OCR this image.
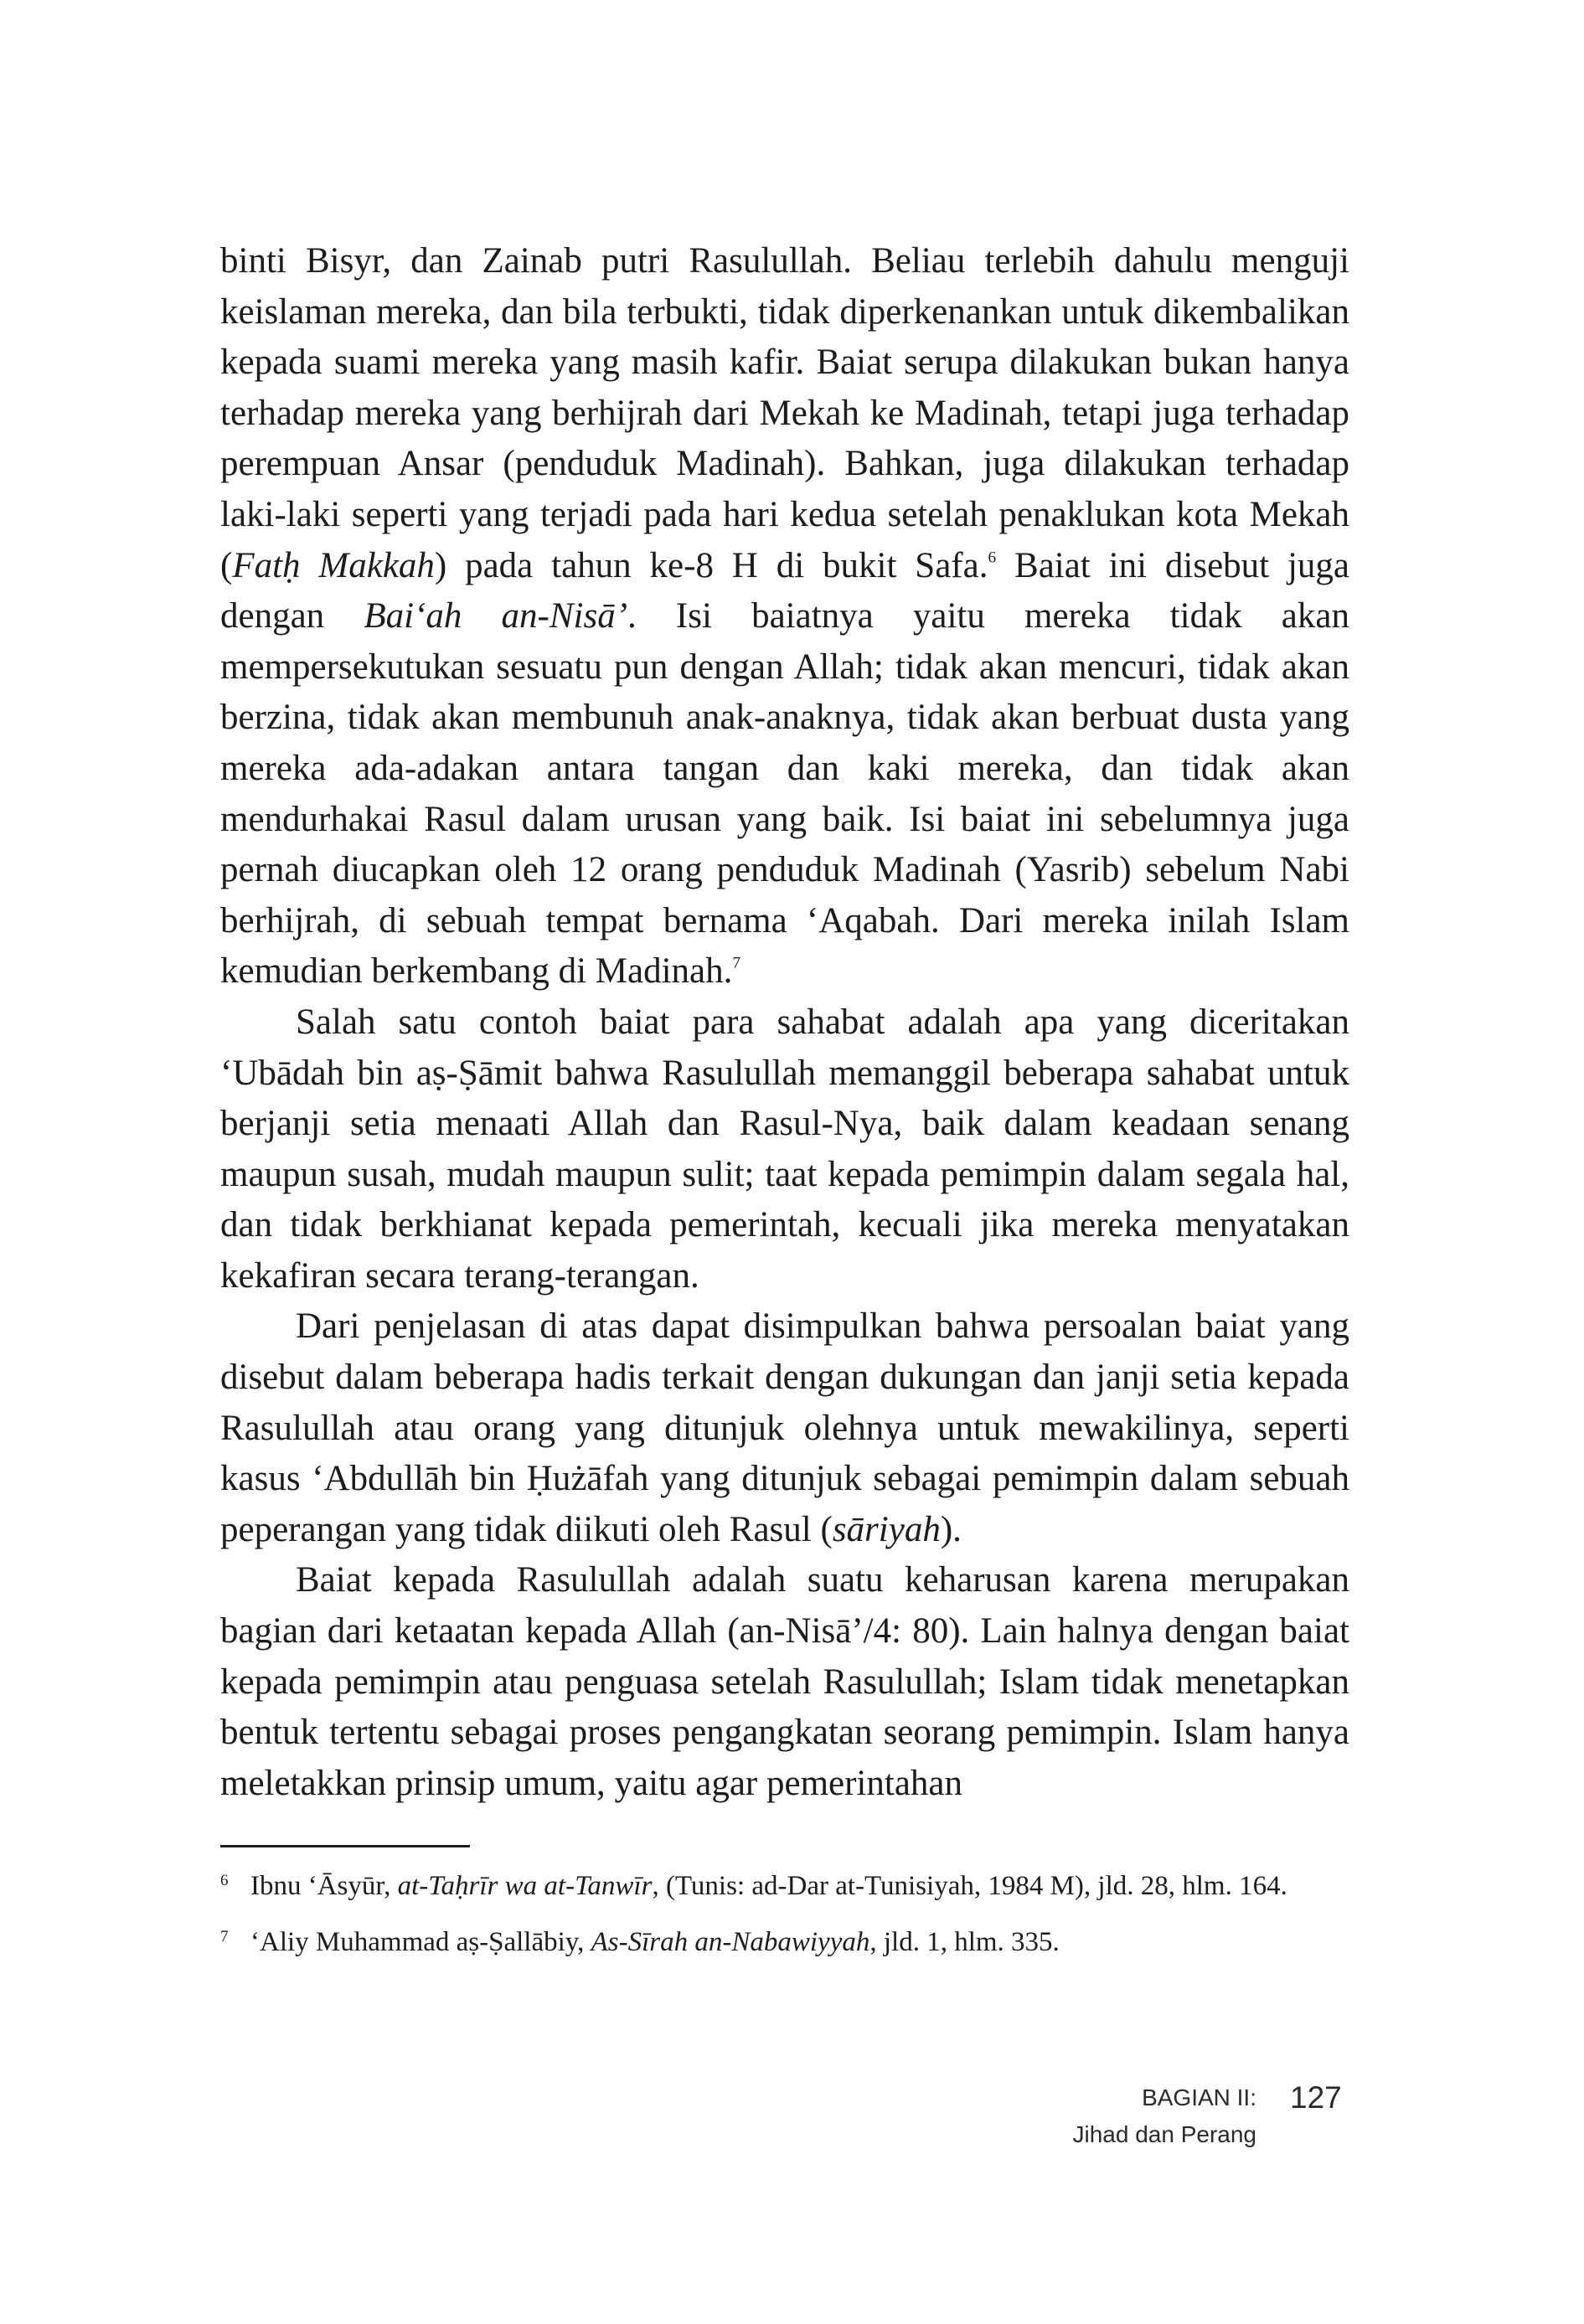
binti Bisyr, dan Zainab putri Rasulullah. Beliau terlebih dahulu menguji keislaman mereka, dan bila terbukti, tidak diperkenankan untuk dikembalikan kepada suami mereka yang masih kafir. Baiat serupa dilakukan bukan hanya terhadap mereka yang berhijrah dari Mekah ke Madinah, tetapi juga terhadap perempuan Ansar (penduduk Madinah). Bahkan, juga dilakukan terhadap laki-laki seperti yang terjadi pada hari kedua setelah penaklukan kota Mekah (Fatḥ Makkah) pada tahun ke-8 H di bukit Safa.$^6$ Baiat ini disebut juga dengan Bai‘ah an-Nisā’. Isi baiatnya yaitu mereka tidak akan mempersekutukan sesuatu pun dengan Allah; tidak akan mencuri, tidak akan berzina, tidak akan membunuh anak-anaknya, tidak akan berbuat dusta yang mereka ada-adakan antara tangan dan kaki mereka, dan tidak akan mendurhakai Rasul dalam urusan yang baik. Isi baiat ini sebelumnya juga pernah diucapkan oleh 12 orang penduduk Madinah (Yasrib) sebelum Nabi berhijrah, di sebuah tempat bernama ‘Aqabah. Dari mereka inilah Islam kemudian berkembang di Madinah.$^7$

Salah satu contoh baiat para sahabat adalah apa yang diceritakan ‘Ubādah bin aṣ-Ṣāmit bahwa Rasulullah memanggil beberapa sahabat untuk berjanji setia menaati Allah dan Rasul-Nya, baik dalam keadaan senang maupun susah, mudah maupun sulit; taat kepada pemimpin dalam segala hal, dan tidak berkhianat kepada pemerintah, kecuali jika mereka menyatakan kekafiran secara terang-terangan.

Dari penjelasan di atas dapat disimpulkan bahwa persoalan baiat yang disebut dalam beberapa hadis terkait dengan dukungan dan janji setia kepada Rasulullah atau orang yang ditunjuk olehnya untuk mewakilinya, seperti kasus ‘Abdullāh bin Ḥużāfah yang ditunjuk sebagai pemimpin dalam sebuah peperangan yang tidak diikuti oleh Rasul (sāriyah).

Baiat kepada Rasulullah adalah suatu keharusan karena merupakan bagian dari ketaatan kepada Allah (an-Nisā’/4: 80). Lain halnya dengan baiat kepada pemimpin atau penguasa setelah Rasulullah; Islam tidak menetapkan bentuk tertentu sebagai proses pengangkatan seorang pemimpin. Islam hanya meletakkan prinsip umum, yaitu agar pemerintahan

6 Ibnu ‘Āsyūr, at-Taḥrīr wa at-Tanwīr, (Tunis: ad-Dar at-Tunisiyah, 1984 M), jld. 28, hlm. 164.
7 ‘Aliy Muhammad aṣ-Ṣallābiy, As-Sīrah an-Nabawiyyah, jld. 1, hlm. 335.
BAGIAN II:
Jihad dan Perang
127
